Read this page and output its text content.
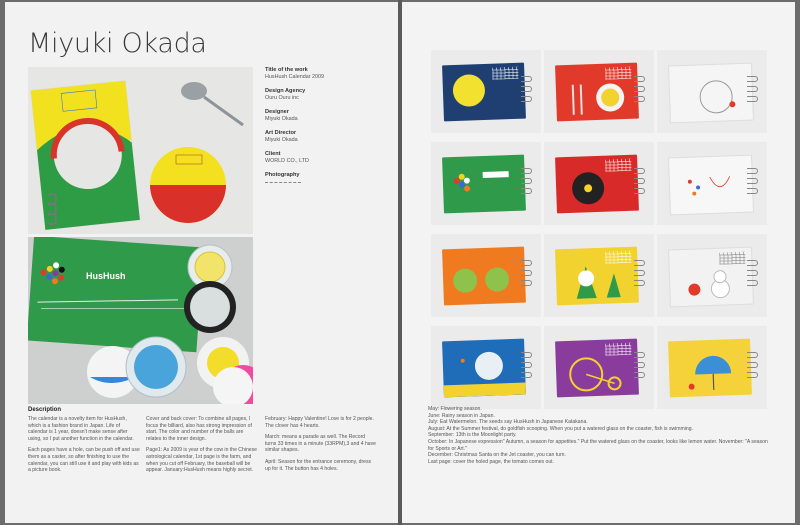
Miyuki Okada
HusHush

Title of the work

HusHush Calendar 2009

Design Agency

Ouru Ouru inc

Designer

Miyuki Okada

Art Director

Miyuki Okada

Client

WORLD CO., LTD

Photography

Description

The calendar is a novelty item for HusHush, which is a fashion brand in Japan. Life of calendar is 1 year, doesn't make sense after using, so I put another function in the calendar.

Each pages have a hole, can be push off and use them as a caster, so after finishing to use the calendar, you can still use it and play with kids as a picture book.

Cover and back cover: To combine all pages, I focus the billiard, also has strong impression of start. The color and number of the balls are relates to the inner design.

Page1: As 2009 is year of the cow in the Chinese astrological calendar, 1st page is the farm, and when you cut off February, the baseball will be appear. January:HusHush means highly secret.

February: Happy Valentine! Love is for 2 people. The clover has 4 hearts.

March: means a parade as well. The Record turns 33 times in a minute (33RPM),3 and 4 have similar shapes.

April: Season for the entrance ceremony, dress up for it. The button has 4 holes.

May: Flowering season.
June: Rainy season in Japan.
July: Eat Watermelon. The seeds say HusHush in Japanese Katakana.
August: At the Summer festival, do goldfish scooping. When you put a watered glass on the coaster, fish is swimming.
September: 13th is the Moonlight party.
October: In Japanese expression" Autumn, a season for appetites." Put the watered glass on the coaster, looks like lemon water. November: "A season for Sports or Art."
December: Christmas Santa on the Jet coaster, you can turn.
Last page: cover the holed page, the tomato comes out.
